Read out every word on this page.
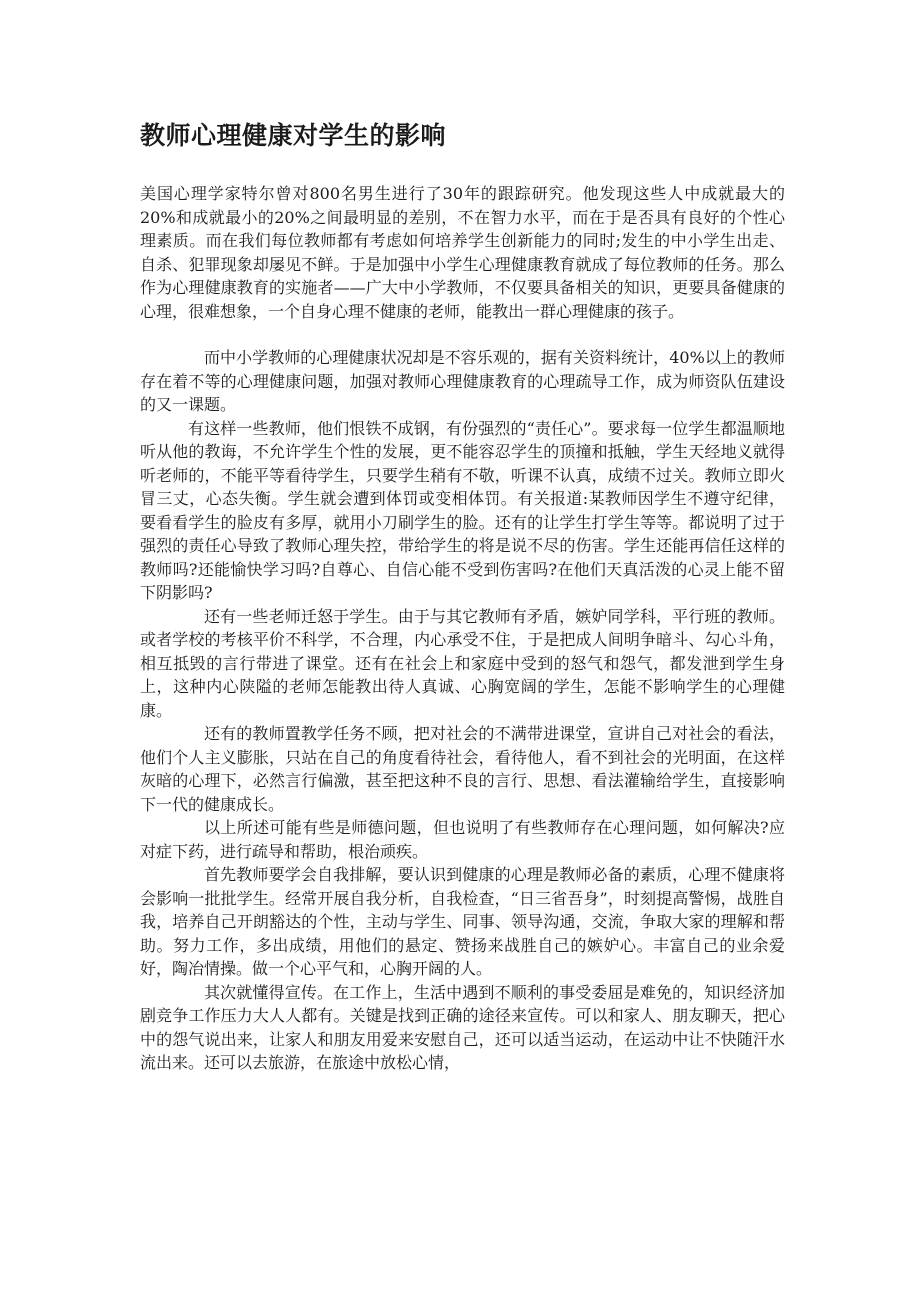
教师心理健康对学生的影响

美国心理学家特尔曾对800名男生进行了30年的跟踪研究。他发现这些人中成就最大的20%和成就最小的20%之间最明显的差别，不在智力水平，而在于是否具有良好的个性心理素质。而在我们每位教师都有考虑如何培养学生创新能力的同时;发生的中小学生出走、自杀、犯罪现象却屡见不鲜。于是加强中小学生心理健康教育就成了每位教师的任务。那么作为心理健康教育的实施者——广大中小学教师，不仅要具备相关的知识，更要具备健康的心理，很难想象，一个自身心理不健康的老师，能教出一群心理健康的孩子。

而中小学教师的心理健康状况却是不容乐观的，据有关资料统计，40%以上的教师存在着不等的心理健康问题，加强对教师心理健康教育的心理疏导工作，成为师资队伍建设的又一课题。

有这样一些教师，他们恨铁不成钢，有份强烈的“责任心”。要求每一位学生都温顺地听从他的教诲，不允许学生个性的发展，更不能容忍学生的顶撞和抵触，学生天经地义就得听老师的，不能平等看待学生，只要学生稍有不敬，听课不认真，成绩不过关。教师立即火冒三丈，心态失衡。学生就会遭到体罚或变相体罚。有关报道:某教师因学生不遵守纪律，要看看学生的脸皮有多厚，就用小刀刷学生的脸。还有的让学生打学生等等。都说明了过于强烈的责任心导致了教师心理失控，带给学生的将是说不尽的伤害。学生还能再信任这样的教师吗?还能愉快学习吗?自尊心、自信心能不受到伤害吗?在他们天真活泼的心灵上能不留下阴影吗?

还有一些老师迁怒于学生。由于与其它教师有矛盾，嫉妒同学科，平行班的教师。或者学校的考核平价不科学，不合理，内心承受不住，于是把成人间明争暗斗、勾心斗角，相互抵毁的言行带进了课堂。还有在社会上和家庭中受到的怒气和怨气，都发泄到学生身上，这种内心陕隘的老师怎能教出待人真诚、心胸宽阔的学生，怎能不影响学生的心理健康。

还有的教师置教学任务不顾，把对社会的不满带进课堂，宣讲自己对社会的看法，他们个人主义膨胀，只站在自己的角度看待社会，看待他人，看不到社会的光明面，在这样灰暗的心理下，必然言行偏激，甚至把这种不良的言行、思想、看法灌输给学生，直接影响下一代的健康成长。

以上所述可能有些是师德问题，但也说明了有些教师存在心理问题，如何解决?应对症下药，进行疏导和帮助，根治顽疾。

首先教师要学会自我排解，要认识到健康的心理是教师必备的素质，心理不健康将会影响一批批学生。经常开展自我分析，自我检查，“日三省吾身”，时刻提高警惕，战胜自我，培养自己开朗豁达的个性，主动与学生、同事、领导沟通，交流，争取大家的理解和帮助。努力工作，多出成绩，用他们的悬定、赞扬来战胜自己的嫉妒心。丰富自己的业余爱好，陶冶情操。做一个心平气和，心胸开阔的人。

其次就懂得宣传。在工作上，生活中遇到不顺利的事受委屈是难免的，知识经济加剧竞争工作压力大人人都有。关键是找到正确的途径来宣传。可以和家人、朋友聊天，把心中的怨气说出来，让家人和朋友用爱来安慰自己，还可以适当运动，在运动中让不快随汗水流出来。还可以去旅游，在旅途中放松心情，
